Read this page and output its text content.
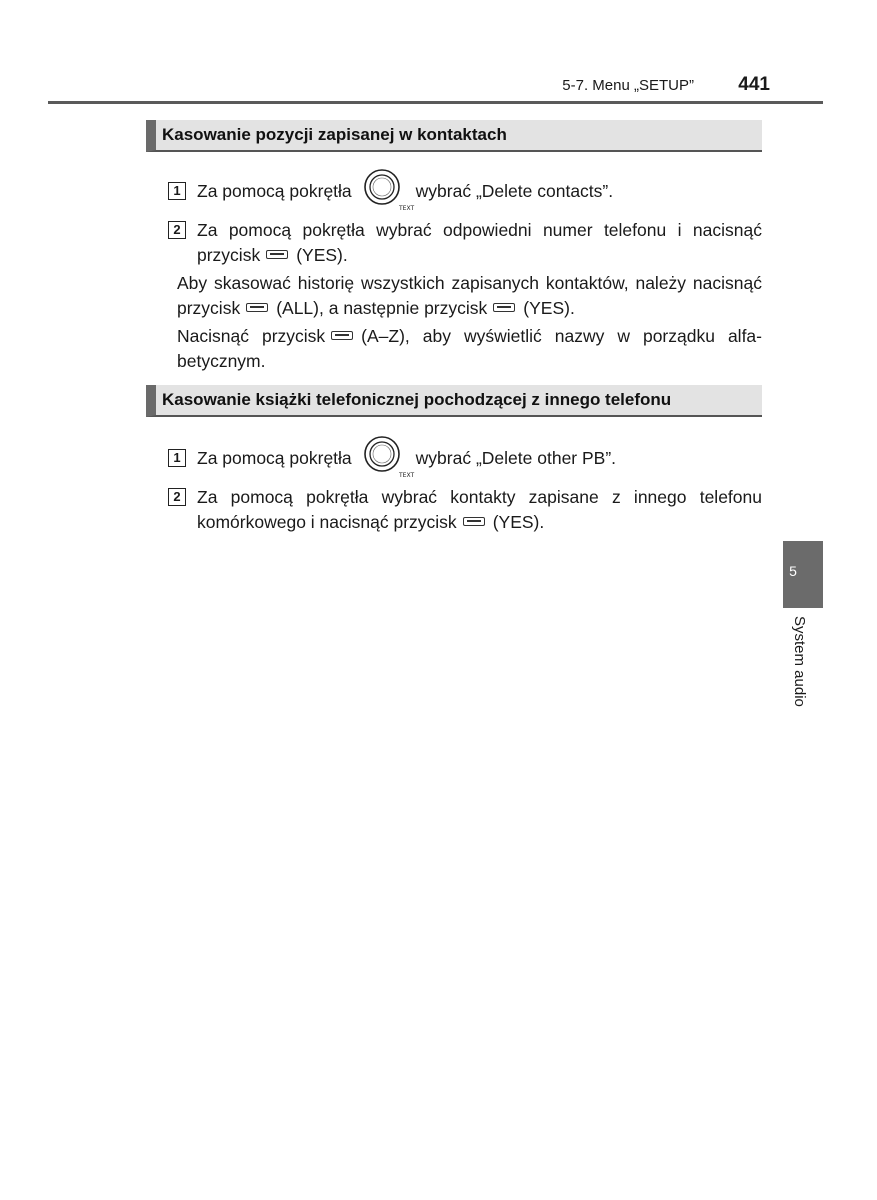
5-7. Menu „SETUP” 441
Kasowanie pozycji zapisanej w kontaktach
1 Za pomocą pokrętła
TEXT
wybrać „Delete contacts”.
2 Za pomocą pokrętła wybrać odpowiedni numer telefonu i nacisnąć przycisk (YES).
Aby skasować historię wszystkich zapisanych kontaktów, należy nacisnąć przycisk (ALL), a następnie przycisk (YES).
Nacisnąć przycisk (A–Z), aby wyświetlić nazwy w porządku alfabetycznym.
Kasowanie książki telefonicznej pochodzącej z innego telefonu
1 Za pomocą pokrętła
TEXT
wybrać „Delete other PB”.
2 Za pomocą pokrętła wybrać kontakty zapisane z innego telefonu komórkowego i nacisnąć przycisk (YES).
5
System audio
